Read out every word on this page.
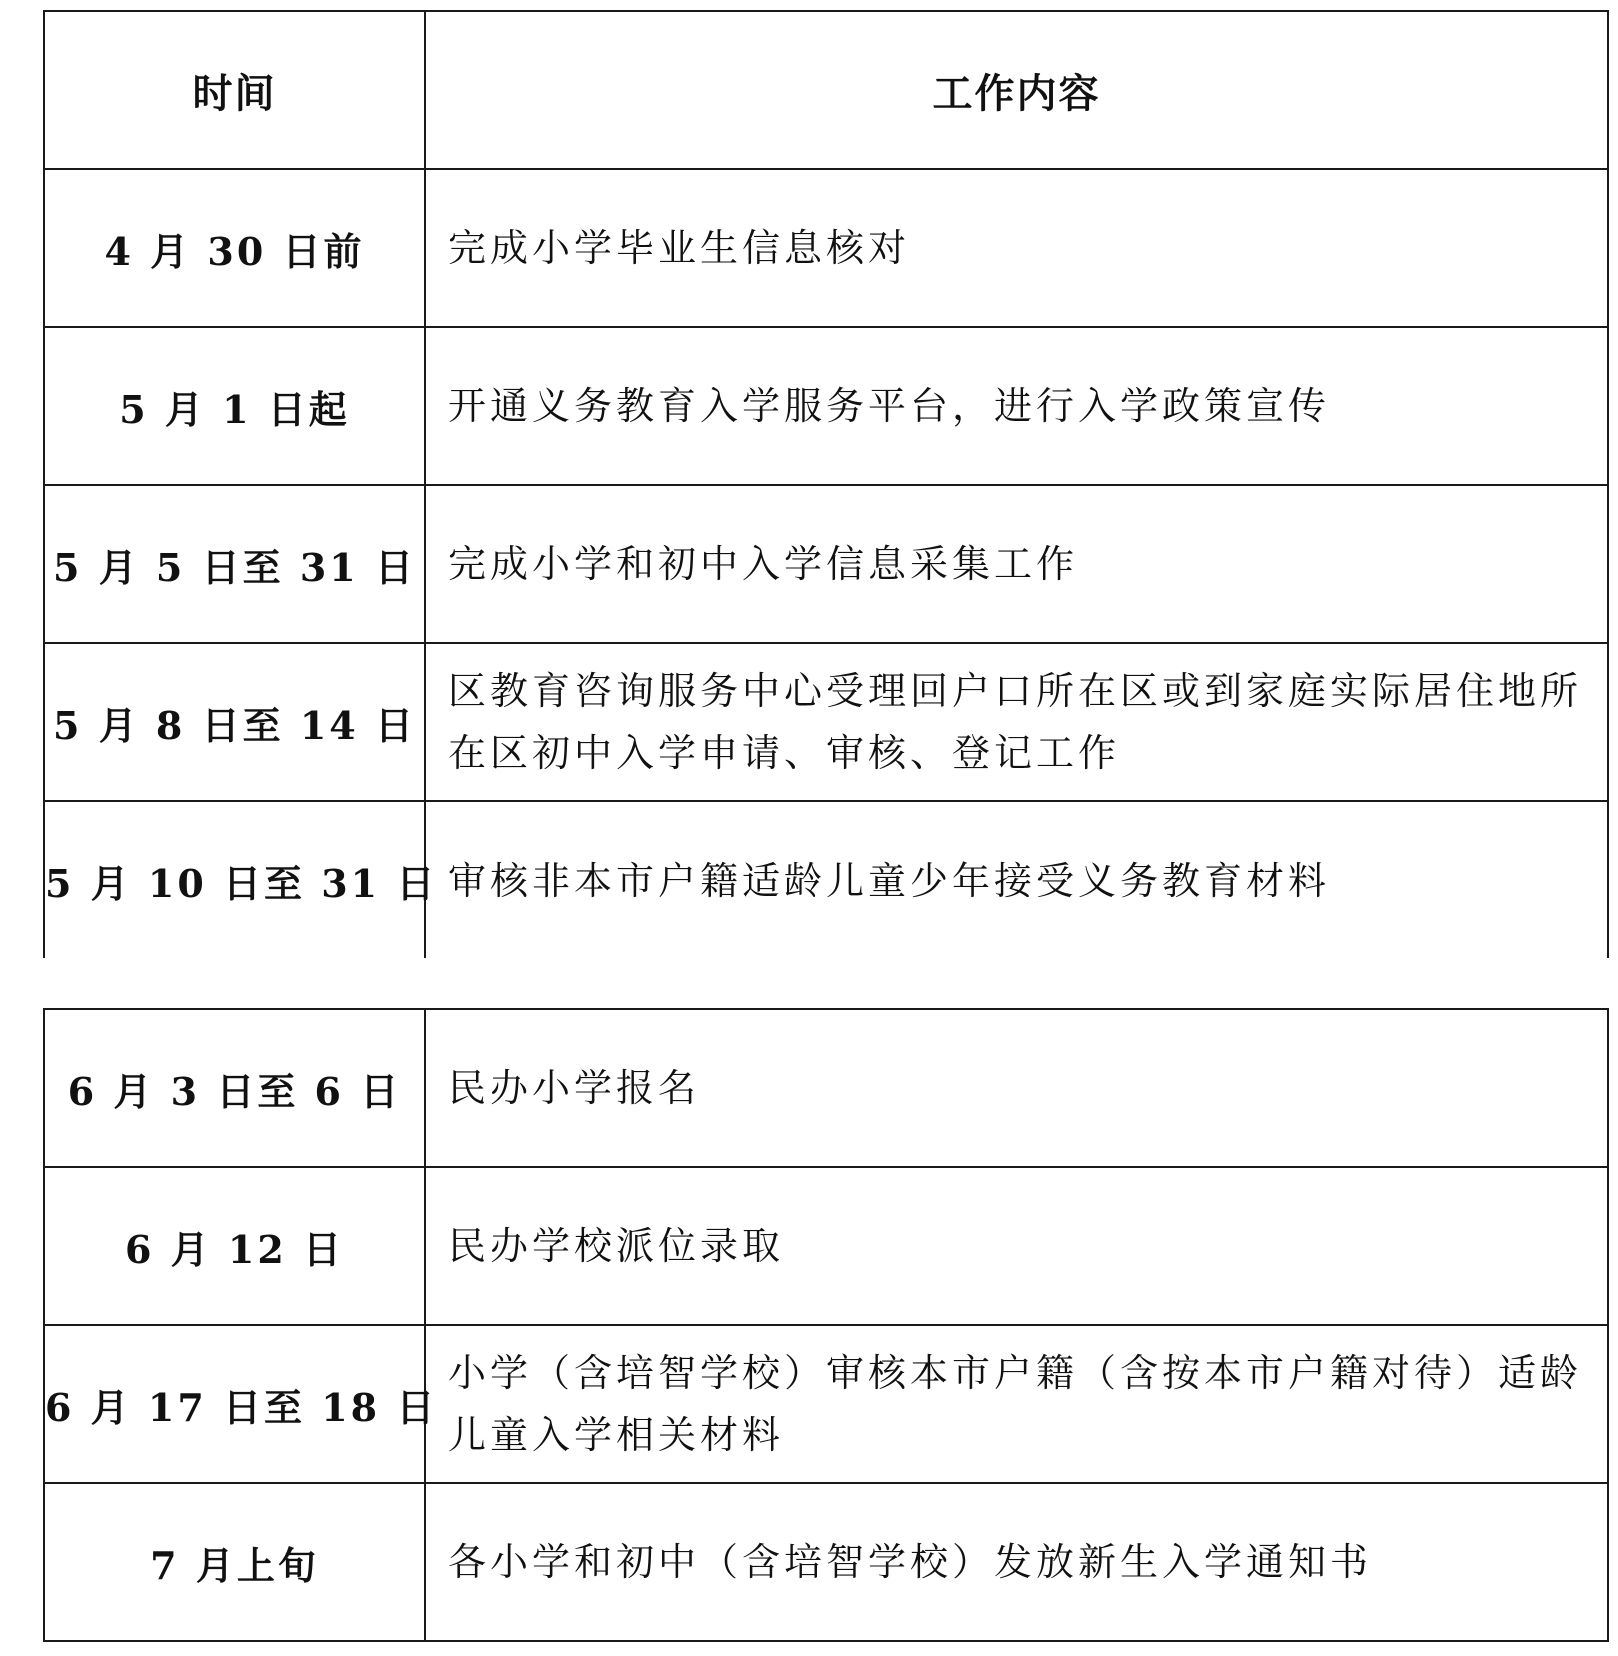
时间	工作内容
4 月 30 日前	完成小学毕业生信息核对
5 月 1 日起	开通义务教育入学服务平台，进行入学政策宣传
5 月 5 日至 31 日	完成小学和初中入学信息采集工作
5 月 8 日至 14 日	区教育咨询服务中心受理回户口所在区或到家庭实际居住地所在区初中入学申请、审核、登记工作
5 月 10 日至 31 日	审核非本市户籍适龄儿童少年接受义务教育材料
6 月 3 日至 6 日	民办小学报名
6 月 12 日	民办学校派位录取
6 月 17 日至 18 日	小学（含培智学校）审核本市户籍（含按本市户籍对待）适龄儿童入学相关材料
7 月上旬	各小学和初中（含培智学校）发放新生入学通知书
